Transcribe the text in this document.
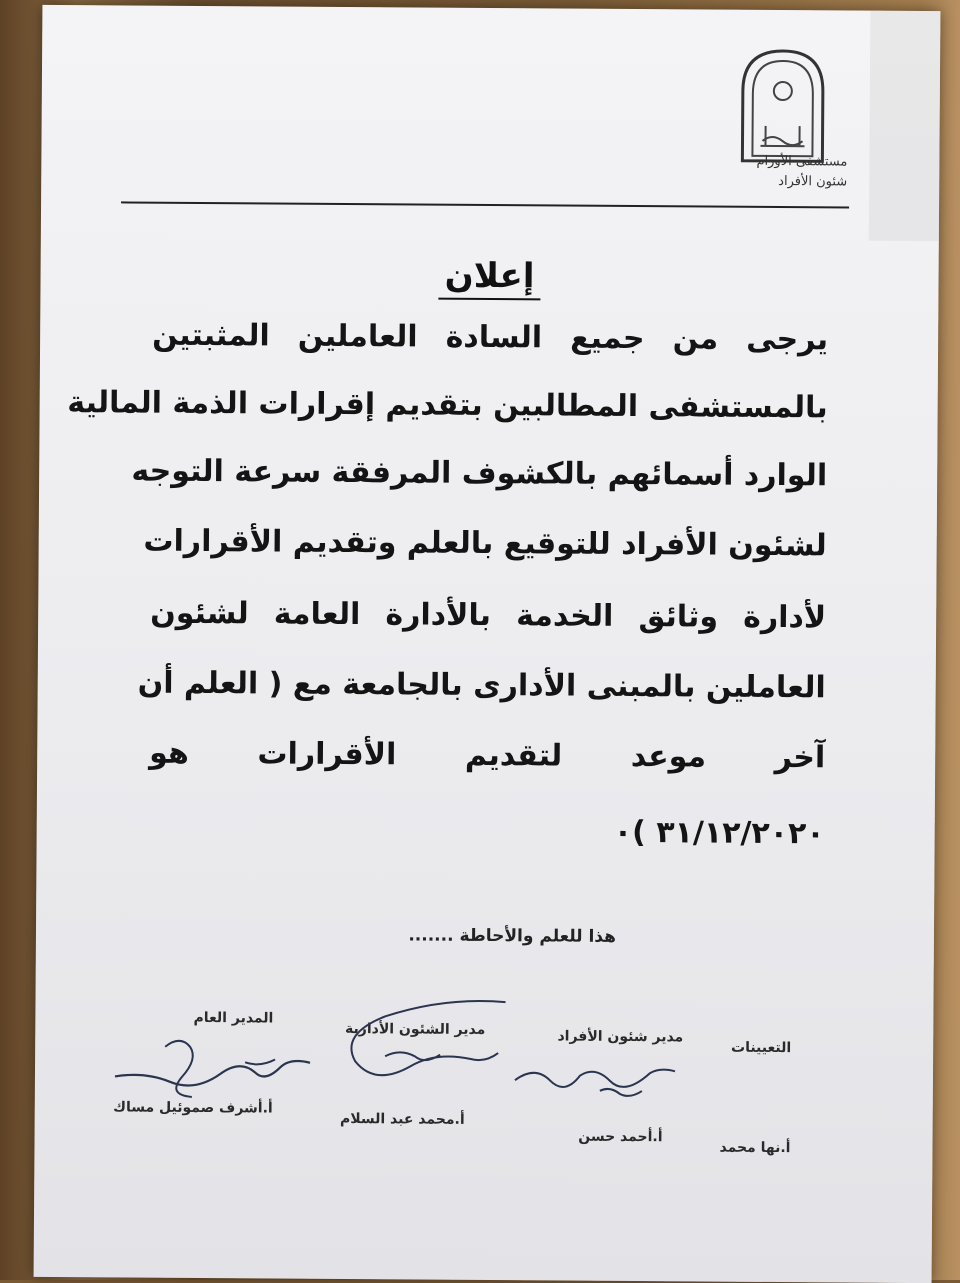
مستشفى الأورام
شئون الأفراد
إعلان
يرجى من جميع السادة العاملين المثبتين
بالمستشفى المطالبين بتقديم إقرارات الذمة المالية
الوارد أسمائهم بالكشوف المرفقة سرعة التوجه
لشئون الأفراد للتوقيع بالعلم وتقديم الأقرارات
لأدارة وثائق الخدمة بالأدارة العامة لشئون
العاملين بالمبنى الأدارى بالجامعة مع ( العلم أن
آخر موعد لتقديم الأقرارات هو
٣١/١٢/٢٠٢٠ )٠
هذا للعلم والأحاطة .......
التعيينات
مدير شئون الأفراد
مدير الشئون الأدارية
المدير العام
أ.نها محمد
أ.أحمد حسن
أ.محمد عبد السلام
أ.أشرف صموئيل مساك
